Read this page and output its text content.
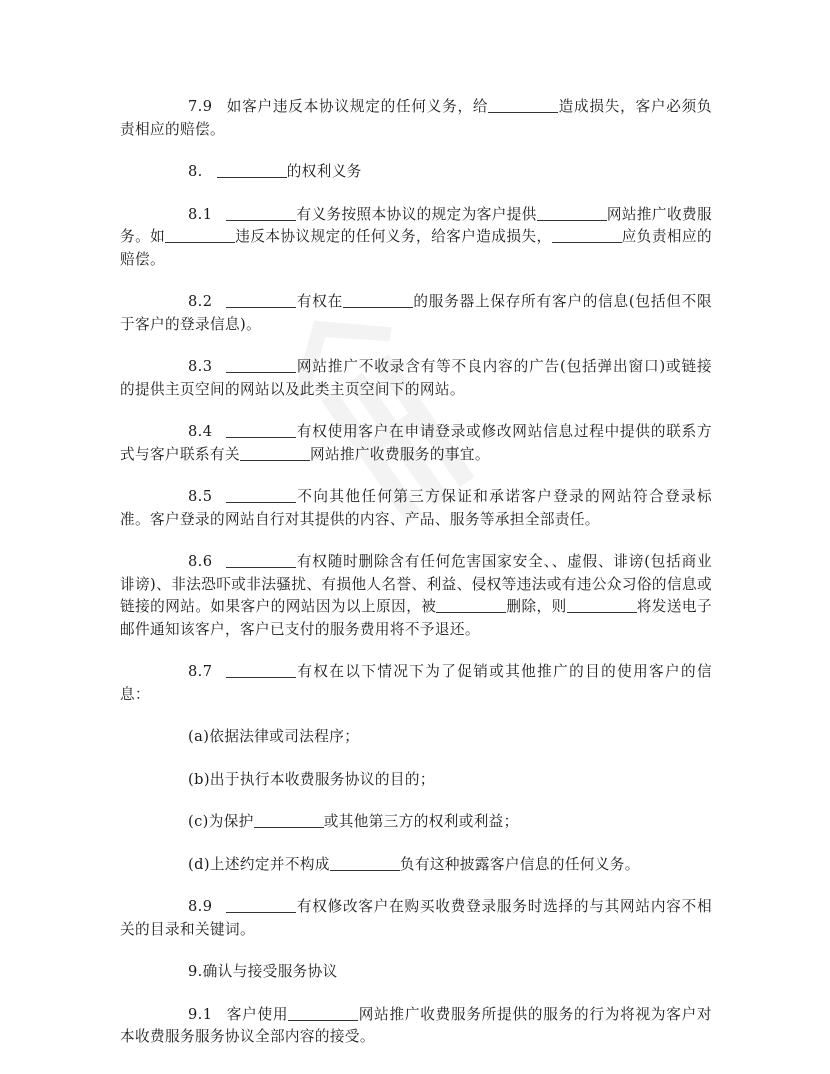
7.9 如客户违反本协议规定的任何义务，给	造成损失，客户必须负责相应的赔偿。

8.	的权利义务

8.1	有义务按照本协议的规定为客户提供	网站推广收费服务。如	违反本协议规定的任何义务，给客户造成损失，	应负责相应的赔偿。

8.2	有权在	的服务器上保存所有客户的信息(包括但不限于客户的登录信息)。

8.3	网站推广不收录含有等不良内容的广告(包括弹出窗口)或链接的提供主页空间的网站以及此类主页空间下的网站。

8.4	有权使用客户在申请登录或修改网站信息过程中提供的联系方式与客户联系有关	网站推广收费服务的事宜。

8.5	不向其他任何第三方保证和承诺客户登录的网站符合登录标准。客户登录的网站自行对其提供的内容、产品、服务等承担全部责任。

8.6	有权随时删除含有任何危害国家安全、、虚假、诽谤(包括商业诽谤)、非法恐吓或非法骚扰、有损他人名誉、利益、侵权等违法或有违公众习俗的信息或链接的网站。如果客户的网站因为以上原因，被	删除，则	将发送电子邮件通知该客户，客户已支付的服务费用将不予退还。

8.7	有权在以下情况下为了促销或其他推广的目的使用客户的信息：

(a)依据法律或司法程序；

(b)出于执行本收费服务协议的目的；

(c)为保护	或其他第三方的权利或利益；

(d)上述约定并不构成	负有这种披露客户信息的任何义务。

8.9	有权修改客户在购买收费登录服务时选择的与其网站内容不相关的目录和关键词。

9.确认与接受服务协议

9.1 客户使用	网站推广收费服务所提供的服务的行为将视为客户对本收费服务服务协议全部内容的接受。
